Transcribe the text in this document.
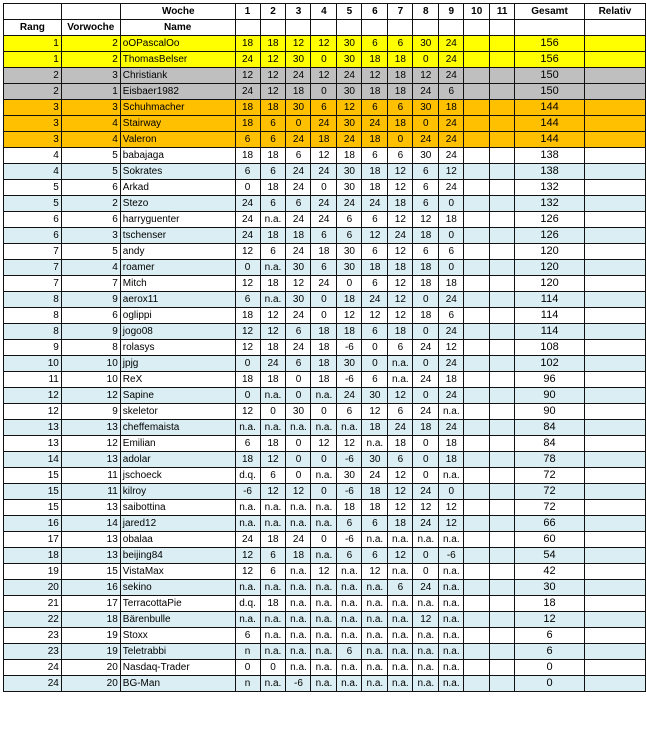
		Woche	1	2	3	4	5	6	7	8	9	10	11	Gesamt	Relativ
Rang	Vorwoche	Name													
1	2	oOPascalOo	18	18	12	12	30	6	6	30	24			156	
1	2	ThomasBelser	24	12	30	0	30	18	18	0	24			156	
2	3	Christiank	12	12	24	12	24	12	18	12	24			150	
2	1	Eisbaer1982	24	12	18	0	30	18	18	24	6			150	
3	3	Schuhmacher	18	18	30	6	12	6	6	30	18			144	
3	4	Stairway	18	6	0	24	30	24	18	0	24			144	
3	4	Valeron	6	6	24	18	24	18	0	24	24			144	
4	5	babajaga	18	18	6	12	18	6	6	30	24			138	
4	5	Sokrates	6	6	24	24	30	18	12	6	12			138	
5	6	Arkad	0	18	24	0	30	18	12	6	24			132	
5	2	Stezo	24	6	6	24	24	24	18	6	0			132	
6	6	harryguenter	24	n.a.	24	24	6	6	12	12	18			126	
6	3	tschenser	24	18	18	6	6	12	24	18	0			126	
7	5	andy	12	6	24	18	30	6	12	6	6			120	
7	4	roamer	0	n.a.	30	6	30	18	18	18	0			120	
7	7	Mitch	12	18	12	24	0	6	12	18	18			120	
8	9	aerox11	6	n.a.	30	0	18	24	12	0	24			114	
8	6	oglippi	18	12	24	0	12	12	12	18	6			114	
8	9	jogo08	12	12	6	18	18	6	18	0	24			114	
9	8	rolasys	12	18	24	18	-6	0	6	24	12			108	
10	10	jpjg	0	24	6	18	30	0	n.a.	0	24			102	
11	10	ReX	18	18	0	18	-6	6	n.a.	24	18			96	
12	12	Sapine	0	n.a.	0	n.a.	24	30	12	0	24			90	
12	9	skeletor	12	0	30	0	6	12	6	24	n.a.			90	
13	13	cheffemaista	n.a.	n.a.	n.a.	n.a.	n.a.	18	24	18	24			84	
13	12	Emilian	6	18	0	12	12	n.a.	18	0	18			84	
14	13	adolar	18	12	0	0	-6	30	6	0	18			78	
15	11	jschoeck	d.q.	6	0	n.a.	30	24	12	0	n.a.			72	
15	11	kilroy	-6	12	12	0	-6	18	12	24	0			72	
15	13	saibottina	n.a.	n.a.	n.a.	n.a.	18	18	12	12	12			72	
16	14	jared12	n.a.	n.a.	n.a.	n.a.	6	6	18	24	12			66	
17	13	obalaa	24	18	24	0	-6	n.a.	n.a.	n.a.	n.a.			60	
18	13	beijing84	12	6	18	n.a.	6	6	12	0	-6			54	
19	15	VistaMax	12	6	n.a.	12	n.a.	12	n.a.	0	n.a.			42	
20	16	sekino	n.a.	n.a.	n.a.	n.a.	n.a.	n.a.	6	24	n.a.			30	
21	17	TerracottaPie	d.q.	18	n.a.	n.a.	n.a.	n.a.	n.a.	n.a.	n.a.			18	
22	18	Bärenbulle	n.a.	n.a.	n.a.	n.a.	n.a.	n.a.	n.a.	12	n.a.			12	
23	19	Stoxx	6	n.a.	n.a.	n.a.	n.a.	n.a.	n.a.	n.a.	n.a.			6	
23	19	Teletrabbi	n	n.a.	n.a.	n.a.	6	n.a.	n.a.	n.a.	n.a.			6	
24	20	Nasdaq-Trader	0	0	n.a.	n.a.	n.a.	n.a.	n.a.	n.a.	n.a.			0	
24	20	BG-Man	n	n.a.	-6	n.a.	n.a.	n.a.	n.a.	n.a.	n.a.			0	
